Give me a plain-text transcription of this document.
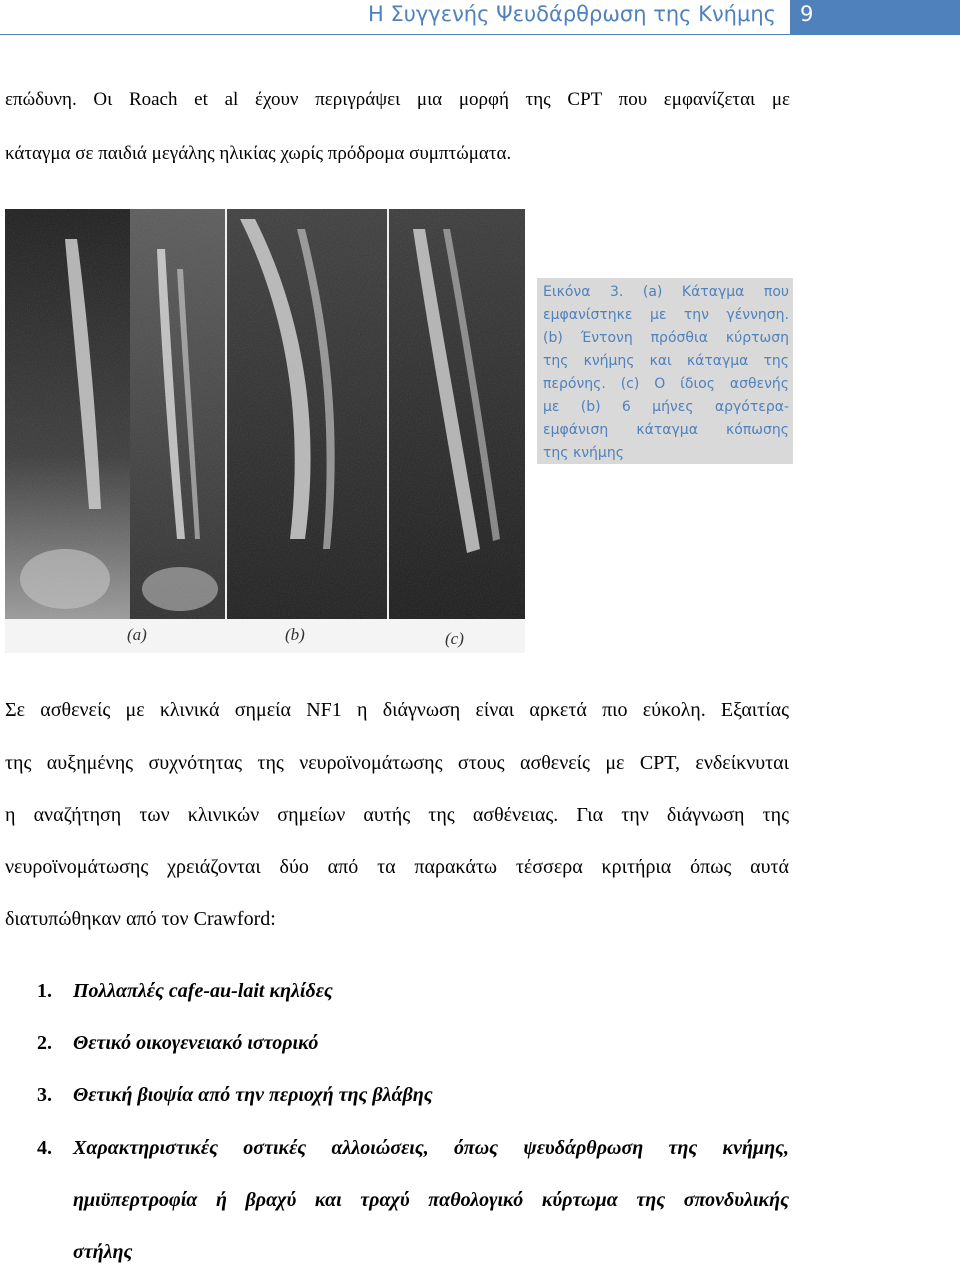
Η Συγγενής Ψευδάρθρωση της Κνήμης 9
επώδυνη. Οι Roach et al έχουν περιγράψει μια μορφή της CPT που εμφανίζεται με
κάταγμα σε παιδιά μεγάλης ηλικίας χωρίς πρόδρομα συμπτώματα.
(a)	(b)	(c)
Εικόνα 3. (a) Κάταγμα που
εμφανίστηκε με την γέννηση.
(b) Έντονη πρόσθια κύρτωση
της κνήμης και κάταγμα της
περόνης. (c) Ο ίδιος ασθενής
με (b) 6 μήνες αργότερα-
εμφάνιση κάταγμα κόπωσης
της κνήμης
Σε ασθενείς με κλινικά σημεία NF1 η διάγνωση είναι αρκετά πιο εύκολη. Εξαιτίας
της αυξημένης συχνότητας της νευροϊνομάτωσης στους ασθενείς με CPT, ενδείκνυται
η αναζήτηση των κλινικών σημείων αυτής της ασθένειας. Για την διάγνωση της
νευροϊνομάτωσης χρειάζονται δύο από τα παρακάτω τέσσερα κριτήρια όπως αυτά
διατυπώθηκαν από τον Crawford:
1. Πολλαπλές cafe-au-lait κηλίδες
2. Θετικό οικογενειακό ιστορικό
3. Θετική βιοψία από την περιοχή της βλάβης
4. Χαρακτηριστικές οστικές αλλοιώσεις, όπως ψευδάρθρωση της κνήμης,
ημιϋπερτροφία ή βραχύ και τραχύ παθολογικό κύρτωμα της σπονδυλικής
στήλης
